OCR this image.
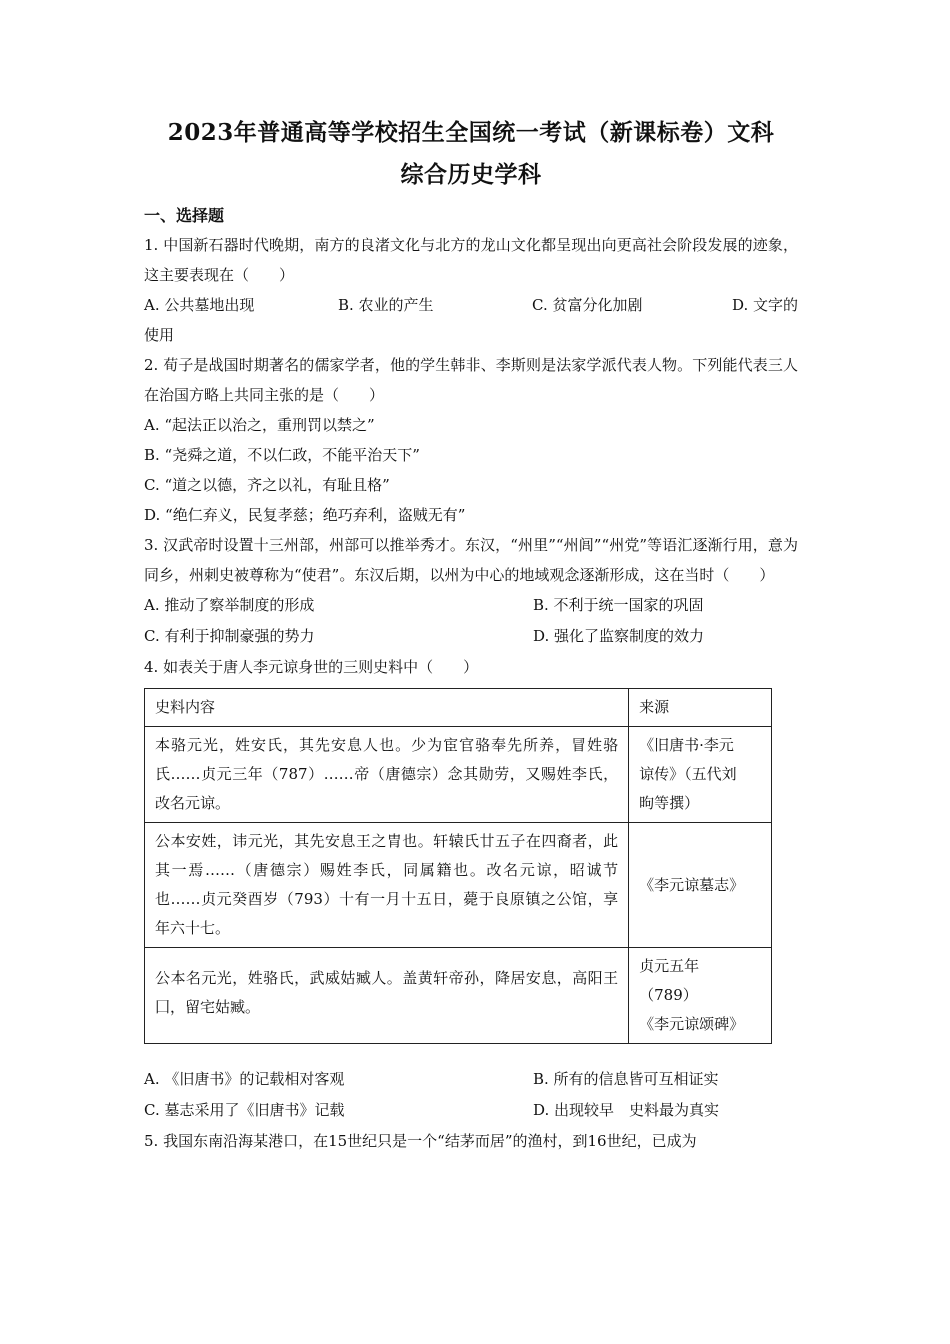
2023年普通高等学校招生全国统一考试（新课标卷）文科
综合历史学科

一、选择题

1. 中国新石器时代晚期，南方的良渚文化与北方的龙山文化都呈现出向更高社会阶段发展的迹象，这主要表现在（　　）

A. 公共墓地出现	B. 农业的产生	C. 贫富分化加剧	D. 文字的

使用

2. 荀子是战国时期著名的儒家学者，他的学生韩非、李斯则是法家学派代表人物。下列能代表三人在治国方略上共同主张的是（　　）

A. “起法正以治之，重刑罚以禁之”

B. “尧舜之道，不以仁政，不能平治天下”

C. “道之以德，齐之以礼，有耻且格”

D. “绝仁弃义，民复孝慈；绝巧弃利，盗贼无有”

3. 汉武帝时设置十三州部，州部可以推举秀才。东汉，“州里”“州闾”“州党”等语汇逐渐行用，意为同乡，州刺史被尊称为“使君”。东汉后期，以州为中心的地域观念逐渐形成，这在当时（　　）

A. 推动了察举制度的形成	B. 不利于统一国家的巩固
C. 有利于抑制豪强的势力	D. 强化了监察制度的效力

4. 如表关于唐人李元谅身世的三则史料中（　　）

史料内容	来源
本骆元光，姓安氏，其先安息人也。少为宦官骆奉先所养，冒姓骆氏……贞元三年（787）……帝（唐德宗）念其勋劳，又赐姓李氏，改名元谅。	《旧唐书·李元
谅传》（五代刘
昫等撰）

公本安姓，讳元光，其先安息王之胄也。轩辕氏廿五子在四裔者，此其一焉……（唐德宗）赐姓李氏，同属籍也。改名元谅，昭诚节也……贞元癸酉岁（793）十有一月十五日，薨于良原镇之公馆，享年六十七。	《李元谅墓志》

公本名元光，姓骆氏，武威姑臧人。盖黄轩帝孙，降居安息，高阳王囗，留宅姑臧。	贞元五年
（789）
《李元谅颂碑》
A. 《旧唐书》的记载相对客观	B. 所有的信息皆可互相证实
C. 墓志采用了《旧唐书》记载	D. 出现较早　史料最为真实

5. 我国东南沿海某港口，在15世纪只是一个“结茅而居”的渔村，到16世纪，已成为
